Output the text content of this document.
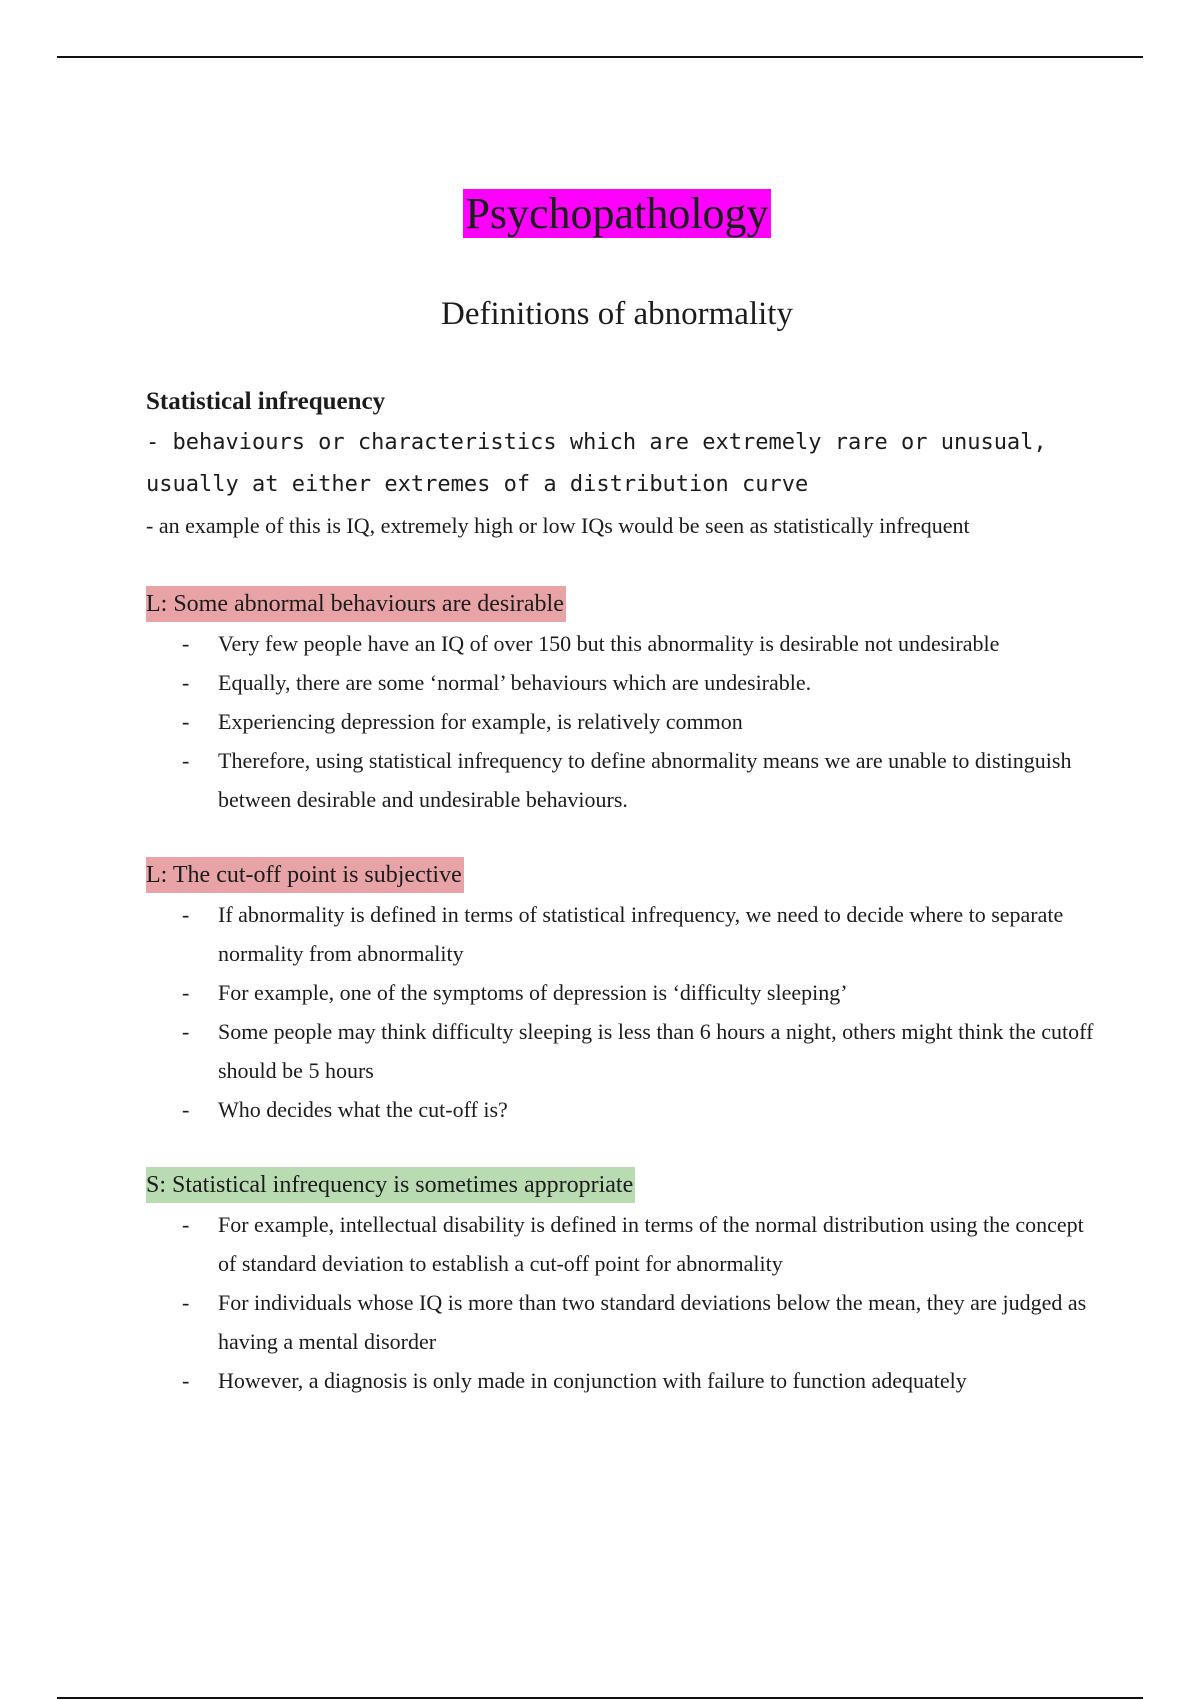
Psychopathology
Definitions of abnormality

Statistical infrequency

- behaviours or characteristics which are extremely rare or unusual, usually at either extremes of a distribution curve

- an example of this is IQ, extremely high or low IQs would be seen as statistically infrequent

L: Some abnormal behaviours are desirable
- Very few people have an IQ of over 150 but this abnormality is desirable not undesirable
- Equally, there are some ‘normal’ behaviours which are undesirable.
- Experiencing depression for example, is relatively common
- Therefore, using statistical infrequency to define abnormality means we are unable to distinguish between desirable and undesirable behaviours.
L: The cut-off point is subjective
- If abnormality is defined in terms of statistical infrequency, we need to decide where to separate normality from abnormality
- For example, one of the symptoms of depression is ‘difficulty sleeping’
- Some people may think difficulty sleeping is less than 6 hours a night, others might think the cutoff should be 5 hours
- Who decides what the cut-off is?
S: Statistical infrequency is sometimes appropriate
- For example, intellectual disability is defined in terms of the normal distribution using the concept of standard deviation to establish a cut-off point for abnormality
- For individuals whose IQ is more than two standard deviations below the mean, they are judged as having a mental disorder
- However, a diagnosis is only made in conjunction with failure to function adequately
